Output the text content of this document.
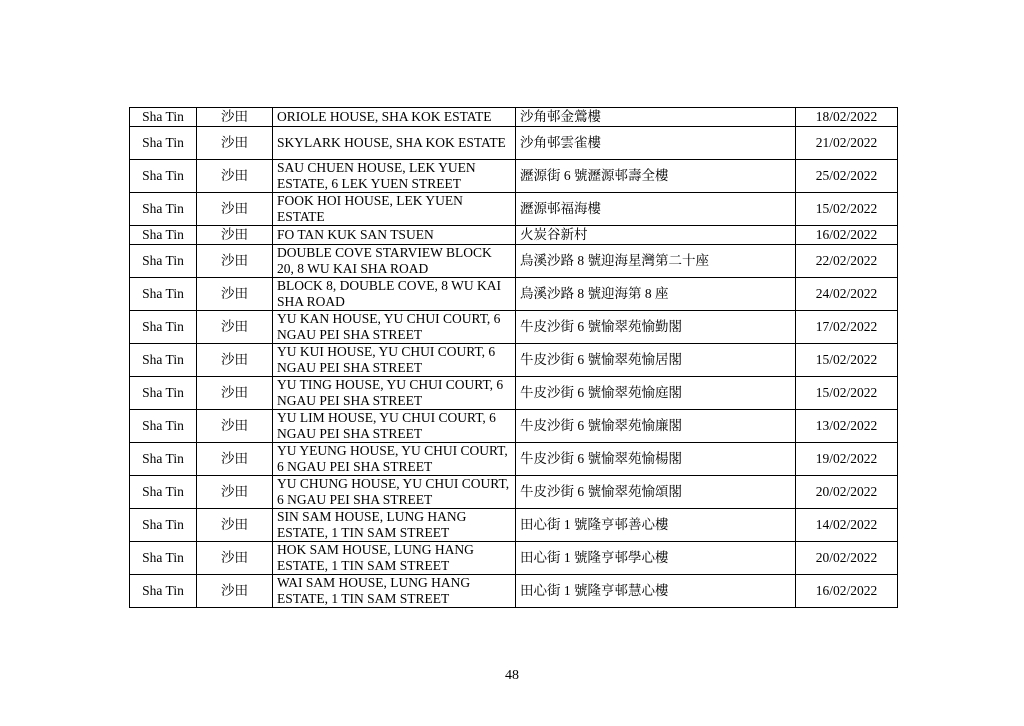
Sha Tin	沙田	ORIOLE HOUSE, SHA KOK ESTATE	沙角邨金鶯樓	18/02/2022
Sha Tin	沙田	SKYLARK HOUSE, SHA KOK ESTATE	沙角邨雲雀樓	21/02/2022
Sha Tin	沙田	SAU CHUEN HOUSE, LEK YUEN ESTATE, 6 LEK YUEN STREET	瀝源街 6 號瀝源邨壽全樓	25/02/2022
Sha Tin	沙田	FOOK HOI HOUSE, LEK YUEN ESTATE	瀝源邨福海樓	15/02/2022
Sha Tin	沙田	FO TAN KUK SAN TSUEN	火炭谷新村	16/02/2022
Sha Tin	沙田	DOUBLE COVE STARVIEW BLOCK 20, 8 WU KAI SHA ROAD	烏溪沙路 8 號迎海星灣第二十座	22/02/2022
Sha Tin	沙田	BLOCK 8, DOUBLE COVE, 8 WU KAI SHA ROAD	烏溪沙路 8 號迎海第 8 座	24/02/2022
Sha Tin	沙田	YU KAN HOUSE, YU CHUI COURT, 6 NGAU PEI SHA STREET	牛皮沙街 6 號愉翠苑愉勤閣	17/02/2022
Sha Tin	沙田	YU KUI HOUSE, YU CHUI COURT, 6 NGAU PEI SHA STREET	牛皮沙街 6 號愉翠苑愉居閣	15/02/2022
Sha Tin	沙田	YU TING HOUSE, YU CHUI COURT, 6 NGAU PEI SHA STREET	牛皮沙街 6 號愉翠苑愉庭閣	15/02/2022
Sha Tin	沙田	YU LIM HOUSE, YU CHUI COURT, 6 NGAU PEI SHA STREET	牛皮沙街 6 號愉翠苑愉廉閣	13/02/2022
Sha Tin	沙田	YU YEUNG HOUSE, YU CHUI COURT, 6 NGAU PEI SHA STREET	牛皮沙街 6 號愉翠苑愉楊閣	19/02/2022
Sha Tin	沙田	YU CHUNG HOUSE, YU CHUI COURT, 6 NGAU PEI SHA STREET	牛皮沙街 6 號愉翠苑愉頌閣	20/02/2022
Sha Tin	沙田	SIN SAM HOUSE, LUNG HANG ESTATE, 1 TIN SAM STREET	田心街 1 號隆亨邨善心樓	14/02/2022
Sha Tin	沙田	HOK SAM HOUSE, LUNG HANG ESTATE, 1 TIN SAM STREET	田心街 1 號隆亨邨學心樓	20/02/2022
Sha Tin	沙田	WAI SAM HOUSE, LUNG HANG ESTATE, 1 TIN SAM STREET	田心街 1 號隆亨邨慧心樓	16/02/2022
48
